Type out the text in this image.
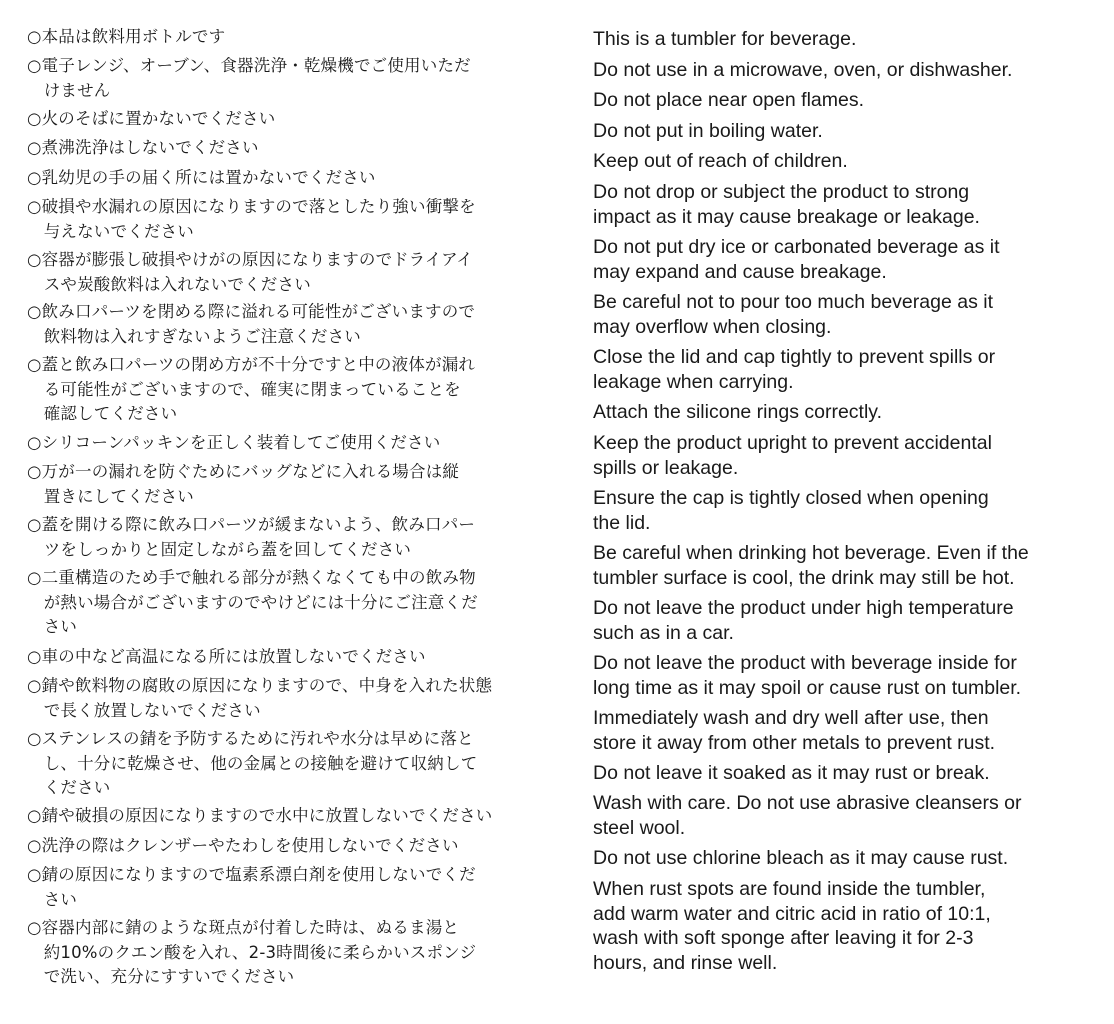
○本品は飲料用ボトルです
○電子レンジ、オーブン、食器洗浄・乾燥機でご使用いただ
　けません
○火のそばに置かないでください
○煮沸洗浄はしないでください
○乳幼児の手の届く所には置かないでください
○破損や水漏れの原因になりますので落としたり強い衝撃を
　与えないでください
○容器が膨張し破損やけがの原因になりますのでドライアイ
　スや炭酸飲料は入れないでください
○飲み口パーツを閉める際に溢れる可能性がございますので
　飲料物は入れすぎないようご注意ください
○蓋と飲み口パーツの閉め方が不十分ですと中の液体が漏れ
　る可能性がございますので、確実に閉まっていることを
　確認してください
○シリコーンパッキンを正しく装着してご使用ください
○万が一の漏れを防ぐためにバッグなどに入れる場合は縦
　置きにしてください
○蓋を開ける際に飲み口パーツが緩まないよう、飲み口パー
　ツをしっかりと固定しながら蓋を回してください
○二重構造のため手で触れる部分が熱くなくても中の飲み物
　が熱い場合がございますのでやけどには十分にご注意くだ
　さい
○車の中など高温になる所には放置しないでください
○錆や飲料物の腐敗の原因になりますので、中身を入れた状態
　で長く放置しないでください
○ステンレスの錆を予防するために汚れや水分は早めに落と
　し、十分に乾燥させ、他の金属との接触を避けて収納して
　ください
○錆や破損の原因になりますので水中に放置しないでください
○洗浄の際はクレンザーやたわしを使用しないでください
○錆の原因になりますので塩素系漂白剤を使用しないでくだ
　さい
○容器内部に錆のような斑点が付着した時は、ぬるま湯と
　約10%のクエン酸を入れ、2-3時間後に柔らかいスポンジ
　で洗い、充分にすすいでください
This is a tumbler for beverage.
Do not use in a microwave, oven, or dishwasher.
Do not place near open flames.
Do not put in boiling water.
Keep out of reach of children.
Do not drop or subject the product to strong
impact as it may cause breakage or leakage.
Do not put dry ice or carbonated beverage as it
may expand and cause breakage.
Be careful not to pour too much beverage as it
may overflow when closing.
Close the lid and cap tightly to prevent spills or
leakage when carrying.
Attach the silicone rings correctly.
Keep the product upright to prevent accidental
spills or leakage.
Ensure the cap is tightly closed when opening
the lid.
Be careful when drinking hot beverage. Even if the
tumbler surface is cool, the drink may still be hot.
Do not leave the product under high temperature
such as in a car.
Do not leave the product with beverage inside for
long time as it may spoil or cause rust on tumbler.
Immediately wash and dry well after use, then
store it away from other metals to prevent rust.
Do not leave it soaked as it may rust or break.
Wash with care. Do not use abrasive cleansers or
steel wool.
Do not use chlorine bleach as it may cause rust.
When rust spots are found inside the tumbler,
add warm water and citric acid in ratio of 10:1,
wash with soft sponge after leaving it for 2-3
hours, and rinse well.
